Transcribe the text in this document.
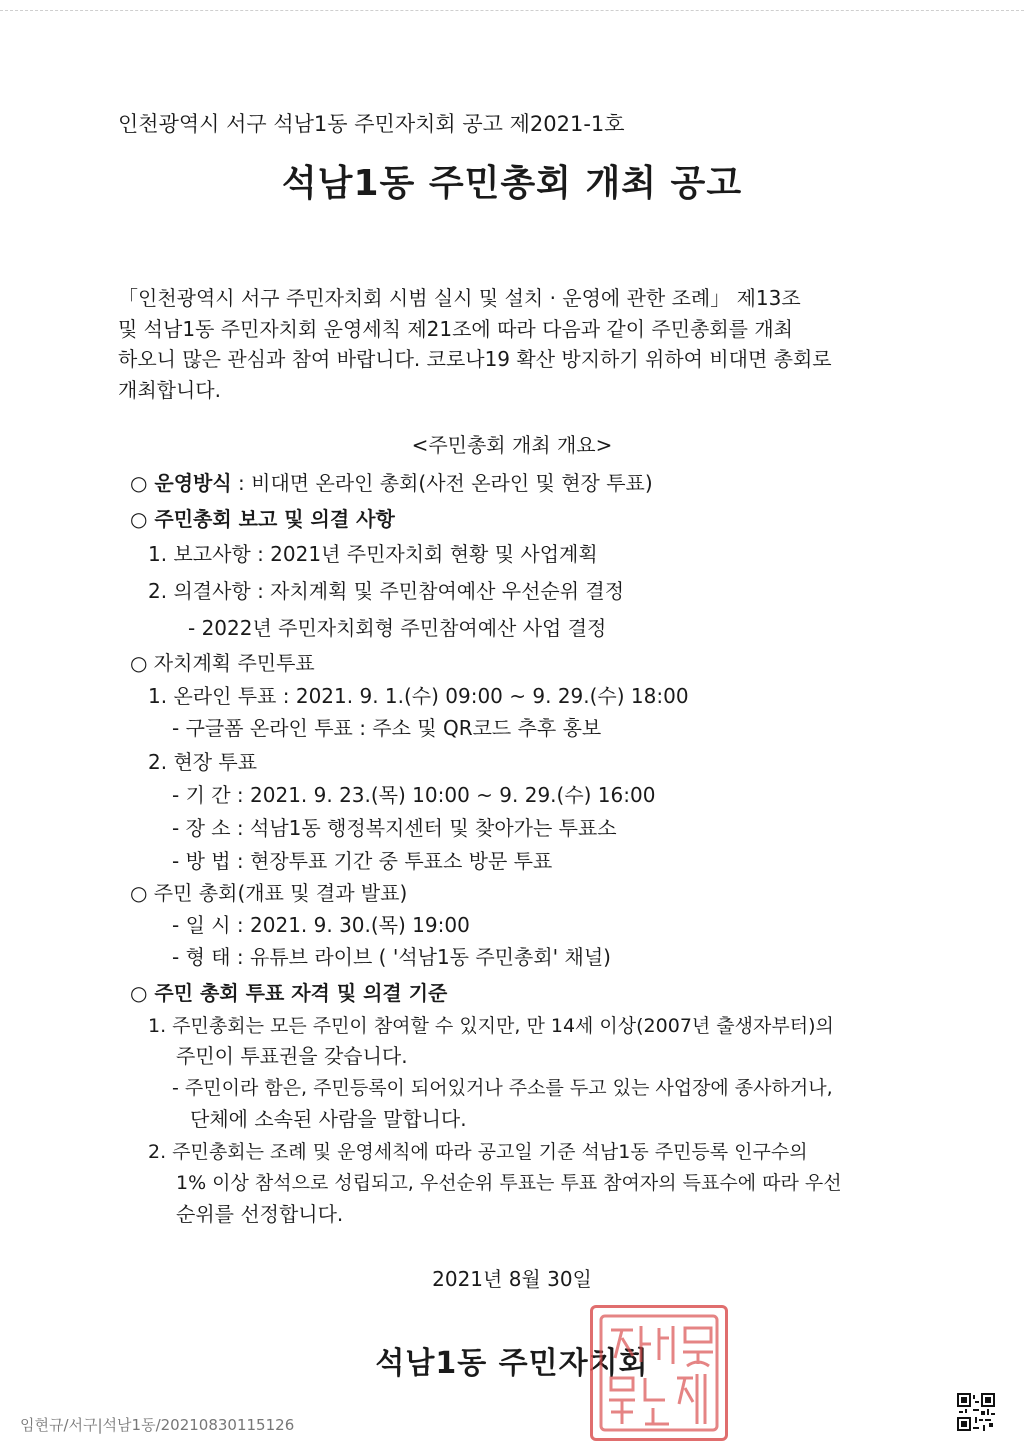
인천광역시 서구 석남1동 주민자치회 공고 제2021-1호
석남1동 주민총회 개최 공고

「인천광역시 서구 주민자치회 시범 실시 및 설치 · 운영에 관한 조례」 제13조

및 석남1동 주민자치회 운영세칙 제21조에 따라 다음과 같이 주민총회를 개최

하오니 많은 관심과 참여 바랍니다. 코로나19 확산 방지하기 위하여 비대면 총회로

개최합니다.

<주민총회 개최 개요>
○ 운영방식 : 비대면 온라인 총회(사전 온라인 및 현장 투표)
○ 주민총회 보고 및 의결 사항
1. 보고사항 : 2021년 주민자치회 현황 및 사업계획
2. 의결사항 : 자치계획 및 주민참여예산 우선순위 결정
- 2022년 주민자치회형 주민참여예산 사업 결정
○ 자치계획 주민투표
1. 온라인 투표 : 2021. 9. 1.(수) 09:00 ~ 9. 29.(수) 18:00
- 구글폼 온라인 투표 : 주소 및 QR코드 추후 홍보
2. 현장 투표
- 기 간 : 2021. 9. 23.(목) 10:00 ~ 9. 29.(수) 16:00
- 장 소 : 석남1동 행정복지센터 및 찾아가는 투표소
- 방 법 : 현장투표 기간 중 투표소 방문 투표
○ 주민 총회(개표 및 결과 발표)
- 일 시 : 2021. 9. 30.(목) 19:00
- 형 태 : 유튜브 라이브 ( '석남1동 주민총회' 채널)
○ 주민 총회 투표 자격 및 의결 기준
1. 주민총회는 모든 주민이 참여할 수 있지만, 만 14세 이상(2007년 출생자부터)의
주민이 투표권을 갖습니다.
- 주민이라 함은, 주민등록이 되어있거나 주소를 두고 있는 사업장에 종사하거나,
단체에 소속된 사람을 말합니다.
2. 주민총회는 조례 및 운영세칙에 따라 공고일 기준 석남1동 주민등록 인구수의
1% 이상 참석으로 성립되고, 우선순위 투표는 투표 참여자의 득표수에 따라 우선
순위를 선정합니다.
2021년 8월 30일
석남1동 주민자치회
임현규/서구|석남1동/20210830115126
